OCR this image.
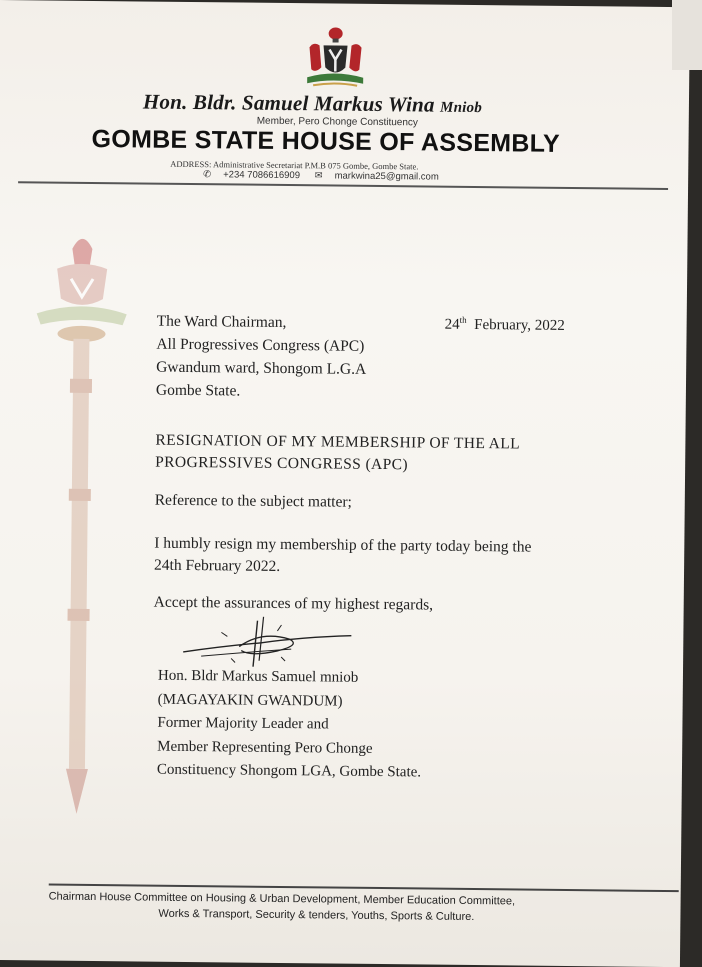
Hon. Bldr. Samuel Markus Wina Mniob
Member, Pero Chonge Constituency
GOMBE STATE HOUSE OF ASSEMBLY
ADDRESS: Administrative Secretariat P.M.B 075 Gombe, Gombe State.
✆ +234 7086616909 ✉ markwina25@gmail.com
The Ward Chairman,
All Progressives Congress (APC)
Gwandum ward, Shongom L.G.A
Gombe State.
24th February, 2022
RESIGNATION OF MY MEMBERSHIP OF THE ALL
PROGRESSIVES CONGRESS (APC)
Reference to the subject matter;
I humbly resign my membership of the party today being the
24th February 2022.
Accept the assurances of my highest regards,
Hon. Bldr Markus Samuel mniob
(MAGAYAKIN GWANDUM)
Former Majority Leader and
Member Representing Pero Chonge
Constituency Shongom LGA, Gombe State.
Chairman House Committee on Housing & Urban Development, Member Education Committee,
Works & Transport, Security & tenders, Youths, Sports & Culture.
